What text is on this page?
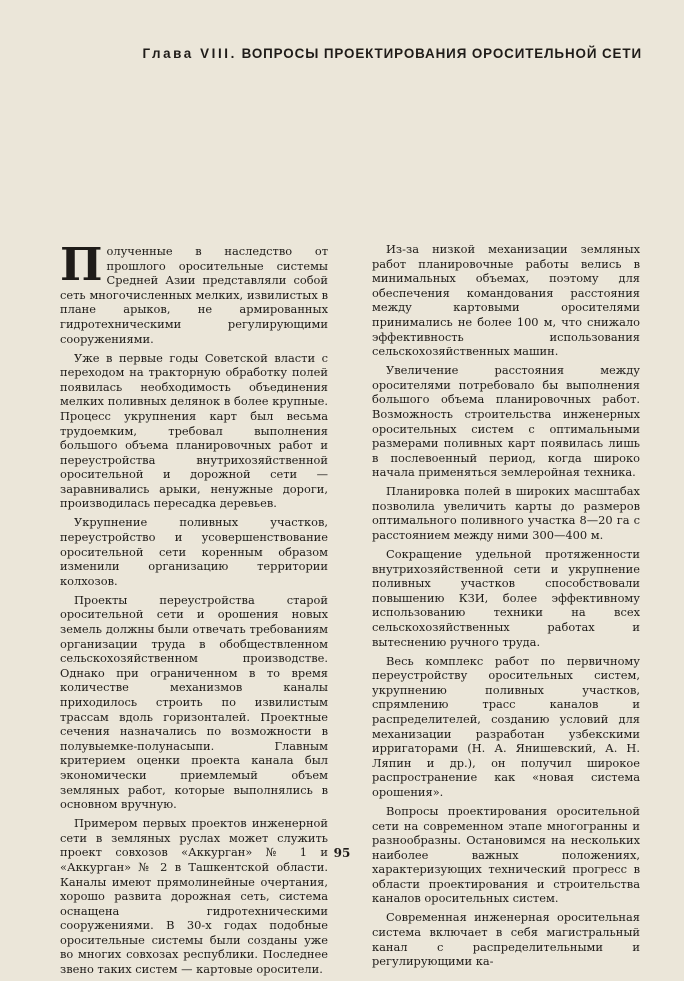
Глава VIII. ВОПРОСЫ ПРОЕКТИРОВАНИЯ ОРОСИТЕЛЬНОЙ СЕТИ

Полученные в наследство от прошлого оросительные системы Средней Азии представляли собой сеть многочисленных мелких, извилистых в плане арыков, не армированных гидротехническими регулирующими сооружениями.

Уже в первые годы Советской власти с переходом на тракторную обработку полей появилась необходимость объединения мелких поливных делянок в более крупные. Процесс укрупнения карт был весьма трудоемким, требовал выполнения большого объема планировочных работ и переустройства внутрихозяйственной оросительной и дорожной сети — заравнивались арыки, ненужные дороги, производилась пересадка деревьев.

Укрупнение поливных участков, переустройство и усовершенствование оросительной сети коренным образом изменили организацию территории колхозов.

Проекты переустройства старой оросительной сети и орошения новых земель должны были отвечать требованиям организации труда в обобществленном сельскохозяйственном производстве. Однако при ограниченном в то время количестве механизмов каналы приходилось строить по извилистым трассам вдоль горизонталей. Проектные сечения назначались по возможности в полувыемке-полунасыпи. Главным критерием оценки проекта канала был экономически приемлемый объем земляных работ, которые выполнялись в основном вручную.

Примером первых проектов инженерной сети в земляных руслах может служить проект совхозов «Аккурган» № 1 и «Аккурган» № 2 в Ташкентской области. Каналы имеют прямолинейные очертания, хорошо развита дорожная сеть, система оснащена гидротехническими сооружениями. В 30-х годах подобные оросительные системы были созданы уже во многих совхозах республики. Последнее звено таких систем — картовые оросители.

Из-за низкой механизации земляных работ планировочные работы велись в минимальных объемах, поэтому для обеспечения командования расстояния между картовыми оросителями принимались не более 100 м, что снижало эффективность использования сельскохозяйственных машин.

Увеличение расстояния между оросителями потребовало бы выполнения большого объема планировочных работ. Возможность строительства инженерных оросительных систем с оптимальными размерами поливных карт появилась лишь в послевоенный период, когда широко начала применяться землеройная техника.

Планировка полей в широких масштабах позволила увеличить карты до размеров оптимального поливного участка 8—20 га с расстоянием между ними 300—400 м.

Сокращение удельной протяженности внутрихозяйственной сети и укрупнение поливных участков способствовали повышению КЗИ, более эффективному использованию техники на всех сельскохозяйственных работах и вытеснению ручного труда.

Весь комплекс работ по первичному переустройству оросительных систем, укрупнению поливных участков, спрямлению трасс каналов и распределителей, созданию условий для механизации разработан узбекскими ирригаторами (Н. А. Янишевский, А. Н. Ляпин и др.), он получил широкое распространение как «новая система орошения».

Вопросы проектирования оросительной сети на современном этапе многогранны и разнообразны. Остановимся на нескольких наиболее важных положениях, характеризующих технический прогресс в области проектирования и строительства каналов оросительных систем.

Современная инженерная оросительная система включает в себя магистральный канал с распределительными и регулирующими ка-

95
